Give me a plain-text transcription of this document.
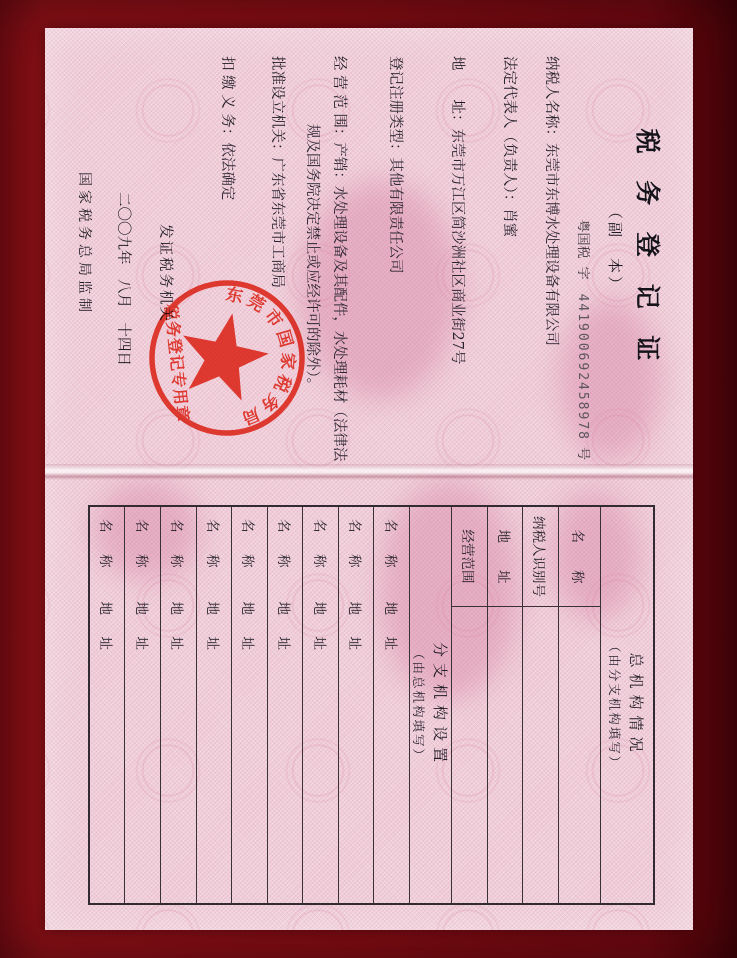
税 务 登 记 证
（副　本）
粤国税字441900692458978号
纳税人名称：东莞市东博水处理设备有限公司
法定代表人（负责人）：肖蜜
地　　址：东莞市万江区简沙洲社区商业街27号
登记注册类型：其他有限责任公司
经 营 范 围：产销：水处理设备及其配件，水处理耗材（法律法
规及国务院决定禁止或应经许可的除外）。
批准设立机关：广东省东莞市工商局
扣 缴 义 务：依法确定
发证税务机关
二〇〇九年　八月　十四日
国家税务总局监制	东莞市国家税务局
税务登记专用章
总机构情况
（由分支机构填写）
名　　称
纳税人识别号
地　　址
经营范围
分支机构设置
（由总机构填写）
名　称
地　址
名　称
地　址
名　称
地　址
名　称
地　址
名　称
地　址
名　称
地　址
名　称
地　址
名　称
地　址
名　称
地　址
